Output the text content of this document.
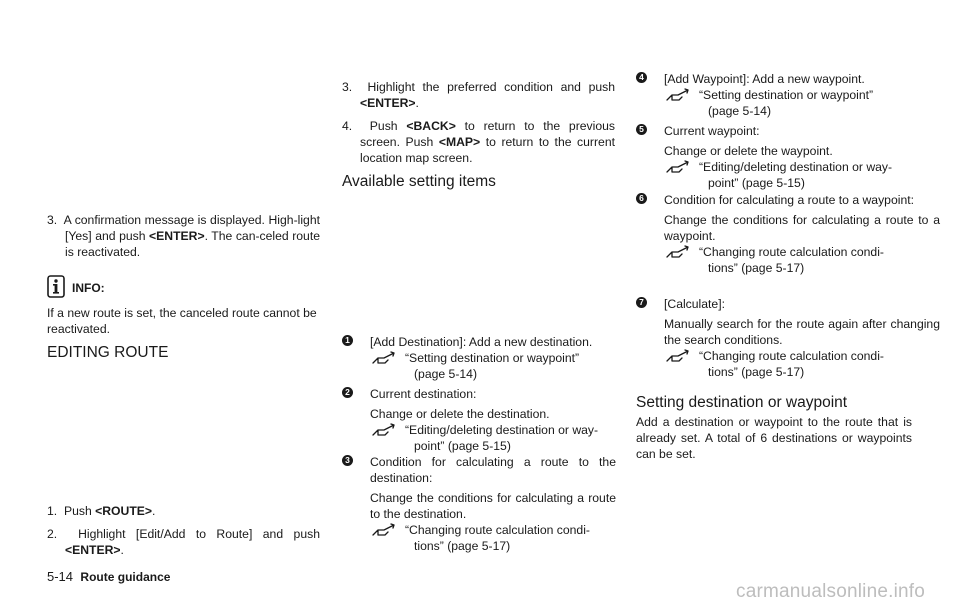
3. A confirmation message is displayed. High-light [Yes] and push <ENTER>. The can-celed route is reactivated.

INFO:

If a new route is set, the canceled route cannot be reactivated.

EDITING ROUTE

1. Push <ROUTE>.

2. Highlight [Edit/Add to Route] and push <ENTER>.

3. Highlight the preferred condition and push <ENTER>.

4. Push <BACK> to return to the previous screen. Push <MAP> to return to the current location map screen.

Available setting items
1 [Add Destination]: Add a new destination.

“Setting destination or waypoint”
(page 5-14)
2 Current destination:

Change or delete the destination.

“Editing/deleting destination or way-
point” (page 5-15)
3 Condition for calculating a route to the destination:

Change the conditions for calculating a route to the destination.

“Changing route calculation condi-
tions” (page 5-17)
4 [Add Waypoint]: Add a new waypoint.

“Setting destination or waypoint”
(page 5-14)
5 Current waypoint:

Change or delete the waypoint.

“Editing/deleting destination or way-
point” (page 5-15)
6 Condition for calculating a route to a waypoint:

Change the conditions for calculating a route to a waypoint.

“Changing route calculation condi-
tions” (page 5-17)
7 [Calculate]:

Manually search for the route again after changing the search conditions.

“Changing route calculation condi-
tions” (page 5-17)
Setting destination or waypoint

Add a destination or waypoint to the route that is already set. A total of 6 destinations or waypoints can be set.

5-14 Route guidance
carmanualsonline.info
